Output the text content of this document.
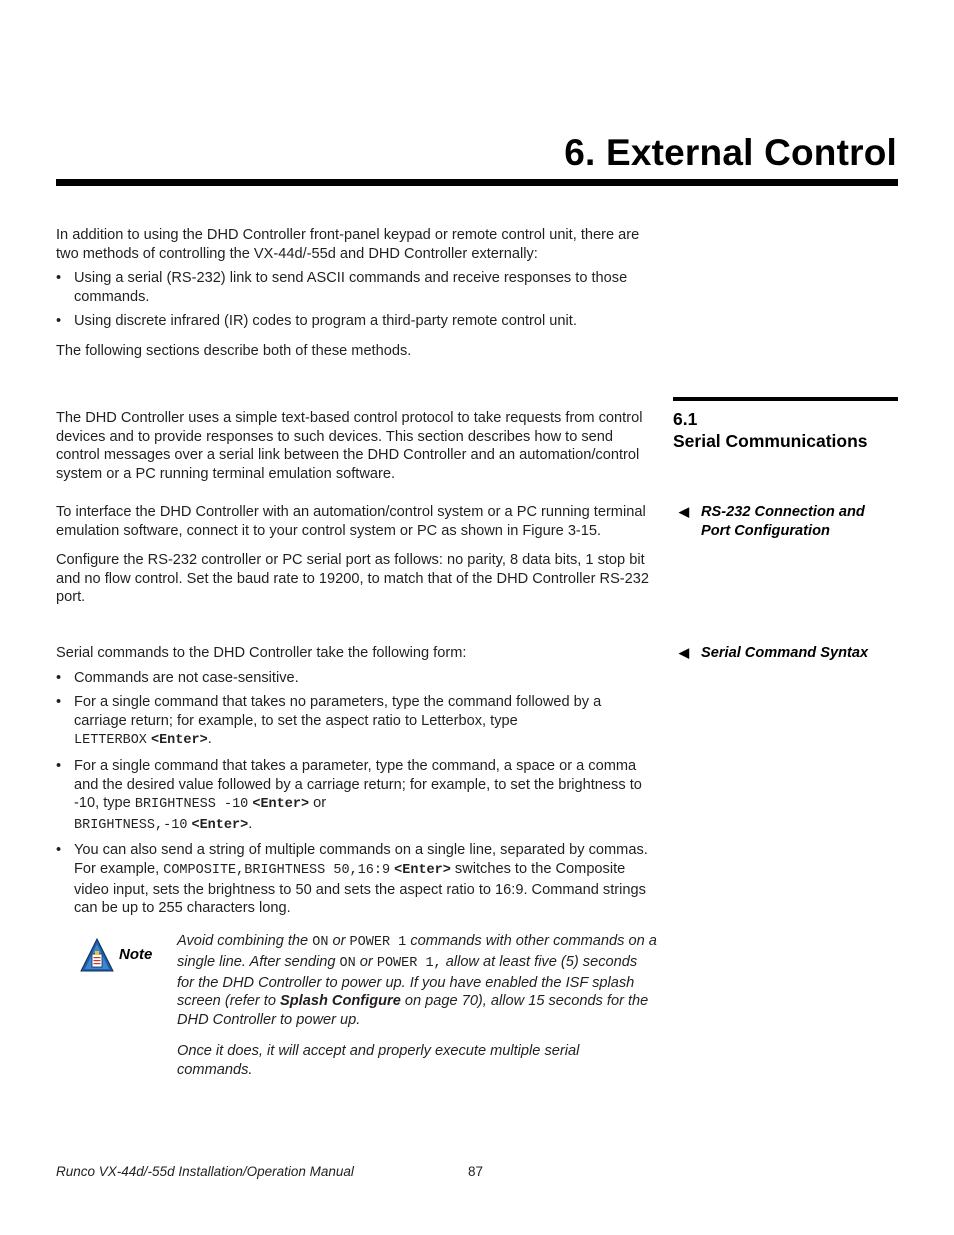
6. External Control

In addition to using the DHD Controller front-panel keypad or remote control unit, there are two methods of controlling the VX-44d/-55d and DHD Controller externally:

• Using a serial (RS-232) link to send ASCII commands and receive responses to those commands.
• Using discrete infrared (IR) codes to program a third-party remote control unit.

The following sections describe both of these methods.

6.1
Serial Communications
The DHD Controller uses a simple text-based control protocol to take requests from control devices and to provide responses to such devices. This section describes how to send control messages over a serial link between the DHD Controller and an automation/control system or a PC running terminal emulation software.
◀ RS-232 Connection and
Port Configuration

To interface the DHD Controller with an automation/control system or a PC running terminal emulation software, connect it to your control system or PC as shown in Figure 3-15.

Configure the RS-232 controller or PC serial port as follows: no parity, 8 data bits, 1 stop bit and no flow control. Set the baud rate to 19200, to match that of the DHD Controller RS-232 port.

◀ Serial Command Syntax

Serial commands to the DHD Controller take the following form:

• Commands are not case-sensitive.
• For a single command that takes no parameters, type the command followed by a carriage return; for example, to set the aspect ratio to Letterbox, type
LETTERBOX <Enter>.
• For a single command that takes a parameter, type the command, a space or a comma and the desired value followed by a carriage return; for example, to set the brightness to -10, type BRIGHTNESS -10 <Enter> or
BRIGHTNESS,-10 <Enter>.
• You can also send a string of multiple commands on a single line, separated by commas. For example, COMPOSITE,BRIGHTNESS 50,16:9 <Enter> switches to the Composite video input, sets the brightness to 50 and sets the aspect ratio to 16:9. Command strings can be up to 255 characters long.
Note

Avoid combining the ON or POWER 1 commands with other commands on a single line. After sending ON or POWER 1, allow at least five (5) seconds for the DHD Controller to power up. If you have enabled the ISF splash screen (refer to Splash Configure on page 70), allow 15 seconds for the DHD Controller to power up.

Once it does, it will accept and properly execute multiple serial commands.

Runco VX-44d/-55d Installation/Operation Manual	87
